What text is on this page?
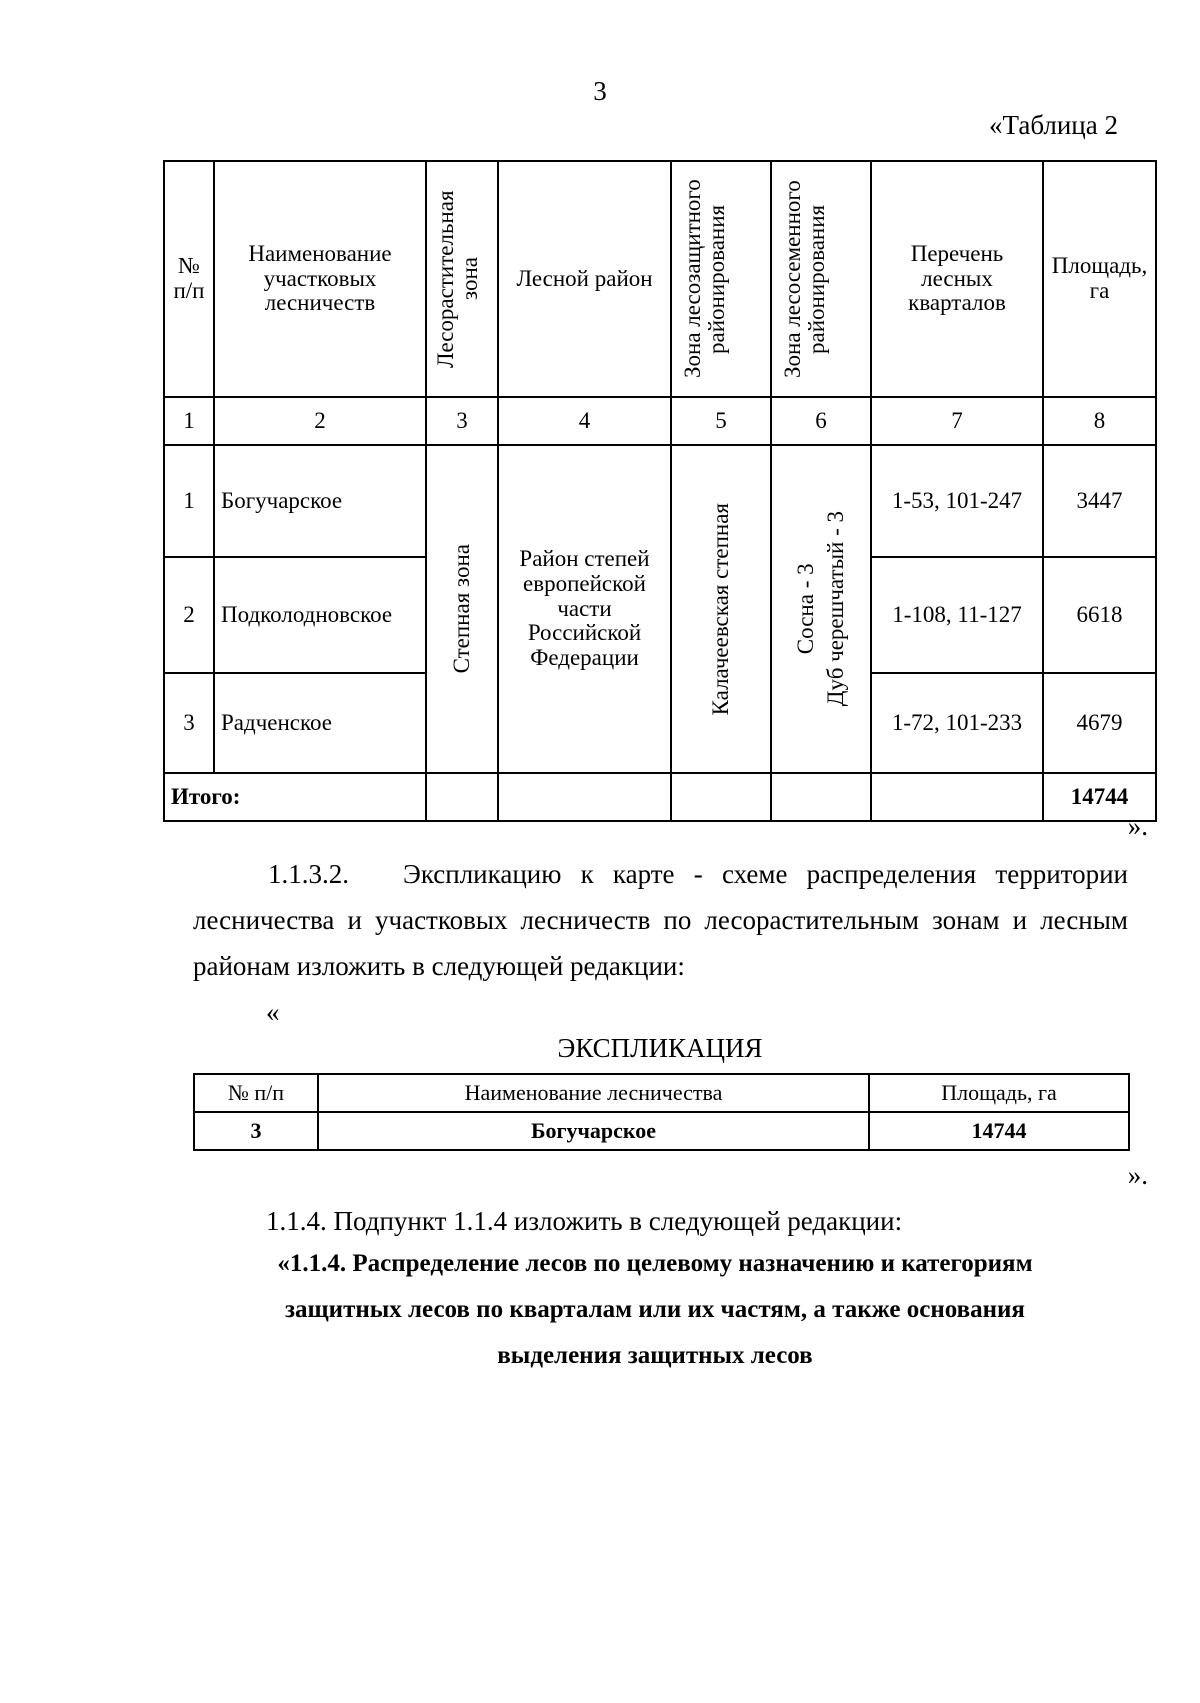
3
«Таблица 2
№ п/п	Наименование участковых лесничеств	Лесорастительная зона	Лесной район	Зона лесозащитного районирования	Зона лесосеменного районирования	Перечень лесных кварталов	Площадь, га
1	2	3	4	5	6	7	8
1	Богучарское	Степная зона	Район степей европейской части Российской Федерации	Калачеевская степная	Сосна - 3 Дуб черешчатый - 3	1-53, 101-247	3447
2	Подколодновское					1-108, 11-127	6618
3	Радченское					1-72, 101-233	4679
Итого:							14744
».
1.1.3.2.  Экспликацию к карте - схеме распределения территории лесничества и участковых лесничеств по лесорастительным зонам и лесным районам изложить в следующей редакции:
«
ЭКСПЛИКАЦИЯ
№ п/п	Наименование лесничества	Площадь, га
3	Богучарское	14744
».
1.1.4. Подпункт 1.1.4 изложить в следующей редакции:
«1.1.4. Распределение лесов по целевому назначению и категориям
защитных лесов по кварталам или их частям, а также основания
выделения защитных лесов
